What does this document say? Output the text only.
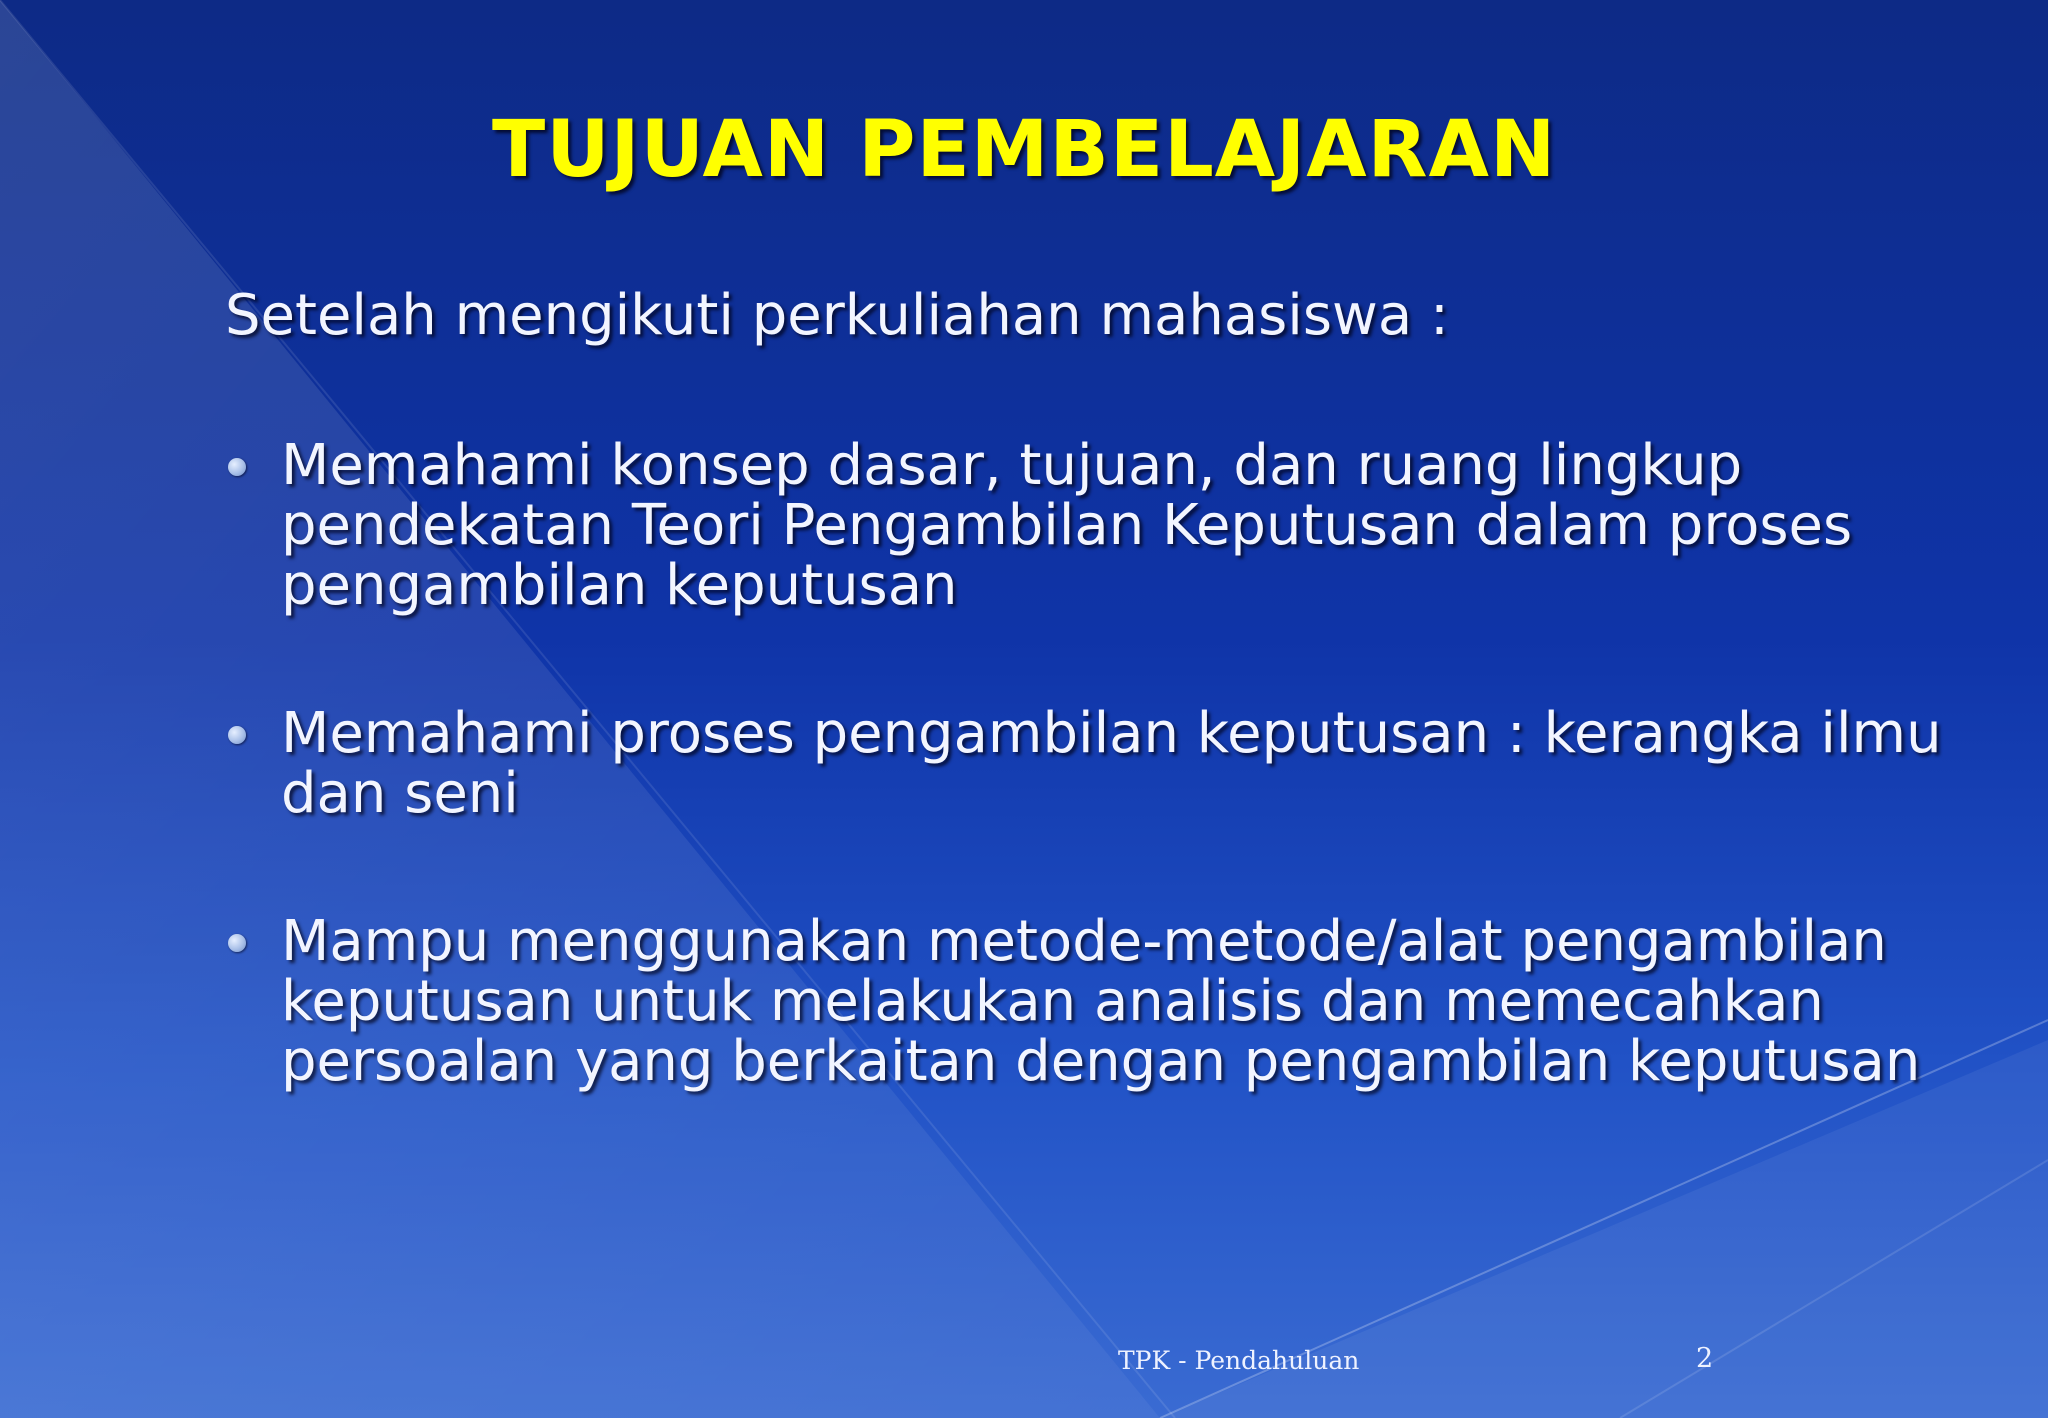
TUJUAN PEMBELAJARAN
Setelah mengikuti perkuliahan mahasiswa :
Memahami konsep dasar, tujuan, dan ruang lingkup pendekatan Teori Pengambilan Keputusan dalam proses pengambilan keputusan
Memahami proses pengambilan keputusan : kerangka ilmu dan seni
Mampu menggunakan metode-metode/alat pengambilan keputusan untuk melakukan analisis dan memecahkan persoalan yang berkaitan dengan pengambilan keputusan
TPK - Pendahuluan	2
